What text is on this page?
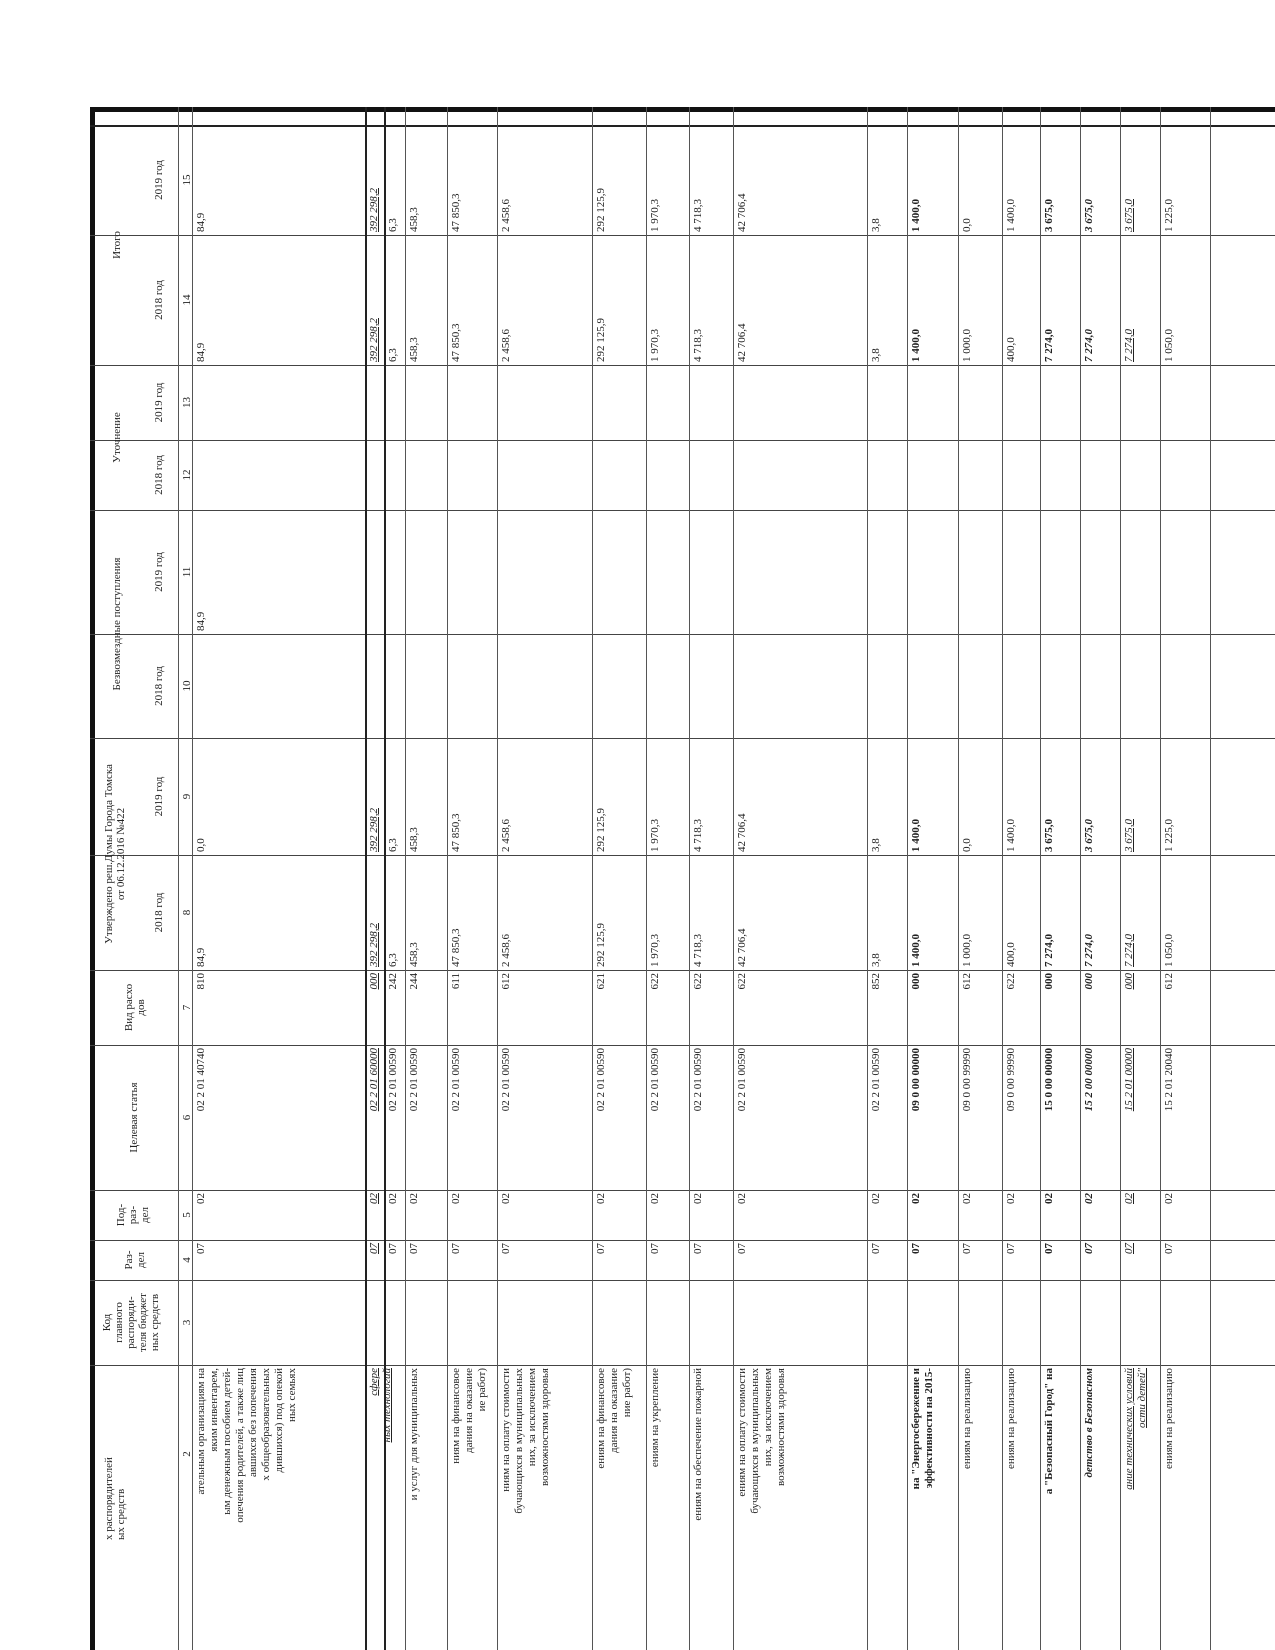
х распорядителей
ых средств
Код
главного
распоряди-
теля бюджет
ных средств
Раз-
дел
Под-
раз-
дел
Целевая статья
Вид расхо
дов
Утверждено реш.Думы Города Томска
от 06.12.2016 №422
Безвозмездные поступления
Уточнение
Итого
2018 год
2019 год
2018 год
2019 год
2018 год
2019 год
2018 год
2019 год
2
3
4
5
6
7
8
9
10
11
12
13
14
15
ательным организациям на
яким инвентарем,
ым денежным пособием детей-
опечения родителей, а также лиц
авшихся без попечения
х общеобразовательных
дившихся) под опекой
ных семьях
07
02
02 2 01 40740
810
84,9
0,0
84,9
84,9
84,9
сфере
ных технологий
07
02
02 2 01 60000
000
392 298,2
392 298,2
392 298,2
392 298,2
07
02
02 2 01 00590
242
6,3
6,3
6,3
6,3
и услуг для муниципальных
07
02
02 2 01 00590
244
458,3
458,3
458,3
458,3
ниям на финансовое
дания на оказание
ие работ)
07
02
02 2 01 00590
611
47 850,3
47 850,3
47 850,3
47 850,3
ниям на оплату стоимости
бучающихся в муниципальных
них, за исключением
возможностями здоровья
07
02
02 2 01 00590
612
2 458,6
2 458,6
2 458,6
2 458,6
ениям на финансовое
дания на оказание
ние работ)
07
02
02 2 01 00590
621
292 125,9
292 125,9
292 125,9
292 125,9
ениям на укрепление
07
02
02 2 01 00590
622
1 970,3
1 970,3
1 970,3
1 970,3
ениям на обеспечение пожарной
07
02
02 2 01 00590
622
4 718,3
4 718,3
4 718,3
4 718,3
ениям на оплату стоимости
бучающихся в муниципальных
них, за исключением
возможностями здоровья
07
02
02 2 01 00590
622
42 706,4
42 706,4
42 706,4
42 706,4
07
02
02 2 01 00590
852
3,8
3,8
3,8
3,8
на "Энергосбережение и
эффективности на 2015-
07
02
09 0 00 00000
000
1 400,0
1 400,0
1 400,0
1 400,0
ениям на реализацию
07
02
09 0 00 99990
612
1 000,0
0,0
1 000,0
0,0
ениям на реализацию
07
02
09 0 00 99990
622
400,0
1 400,0
400,0
1 400,0
а "Безопасный Город" на
07
02
15 0 00 00000
000
7 274,0
3 675,0
7 274,0
3 675,0
детство в Безопасном
07
02
15 2 00 00000
000
7 274,0
3 675,0
7 274,0
3 675,0
ание технических условий
ости детей"
07
02
15 2 01 00000
000
7 274,0
3 675,0
7 274,0
3 675,0
ениям на реализацию
07
02
15 2 01 20040
612
1 050,0
1 225,0
1 050,0
1 225,0
